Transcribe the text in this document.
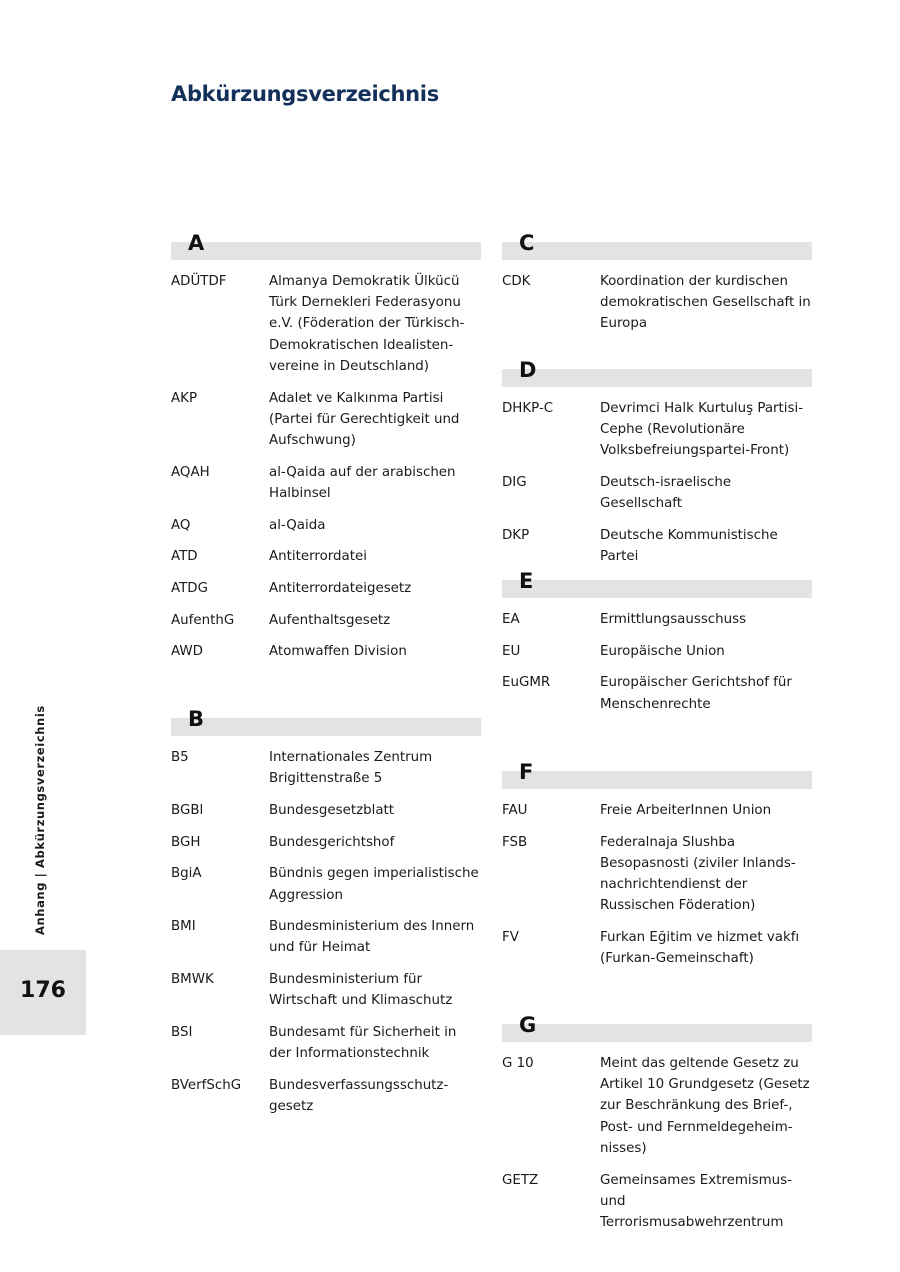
Abkürzungsverzeichnis
A
ADÜTDF	Almanya Demokratik Ülkücü Türk Dernekleri Federasyonu e.V. (Föderation der Türkisch-Demokratischen Idealisten-vereine in Deutschland)
AKP	Adalet ve Kalkınma Partisi (Partei für Gerechtigkeit und Aufschwung)
AQAH	al-Qaida auf der arabischen Halbinsel
AQ	al-Qaida
ATD	Antiterrordatei
ATDG	Antiterrordateigesetz
AufenthG	Aufenthaltsgesetz
AWD	Atomwaffen Division
B
B5	Internationales Zentrum Brigittenstraße 5
BGBl	Bundesgesetzblatt
BGH	Bundesgerichtshof
BgiA	Bündnis gegen imperialistische Aggression
BMI	Bundesministerium des Innern und für Heimat
BMWK	Bundesministerium für Wirtschaft und Klimaschutz
BSI	Bundesamt für Sicherheit in der Informationstechnik
BVerfSchG	Bundesverfassungsschutz-gesetz
C
CDK	Koordination der kurdischen demokratischen Gesellschaft in Europa
D
DHKP-C	Devrimci Halk Kurtuluş Partisi-Cephe (Revolutionäre Volksbefreiungspartei-Front)
DIG	Deutsch-israelische Gesellschaft
DKP	Deutsche Kommunistische Partei
E
EA	Ermittlungsausschuss
EU	Europäische Union
EuGMR	Europäischer Gerichtshof für Menschenrechte
F
FAU	Freie ArbeiterInnen Union
FSB	Federalnaja Slushba Besopasnosti (ziviler Inlands-nachrichtendienst der Russischen Föderation)
FV	Furkan Eğitim ve hizmet vakfı (Furkan-Gemeinschaft)
G
G 10	Meint das geltende Gesetz zu Artikel 10 Grundgesetz (Gesetz zur Beschränkung des Brief-, Post- und Fernmeldegeheim-nisses)
GETZ	Gemeinsames Extremismus- und Terrorismusabwehrzentrum
Anhang | Abkürzungsverzeichnis
176
